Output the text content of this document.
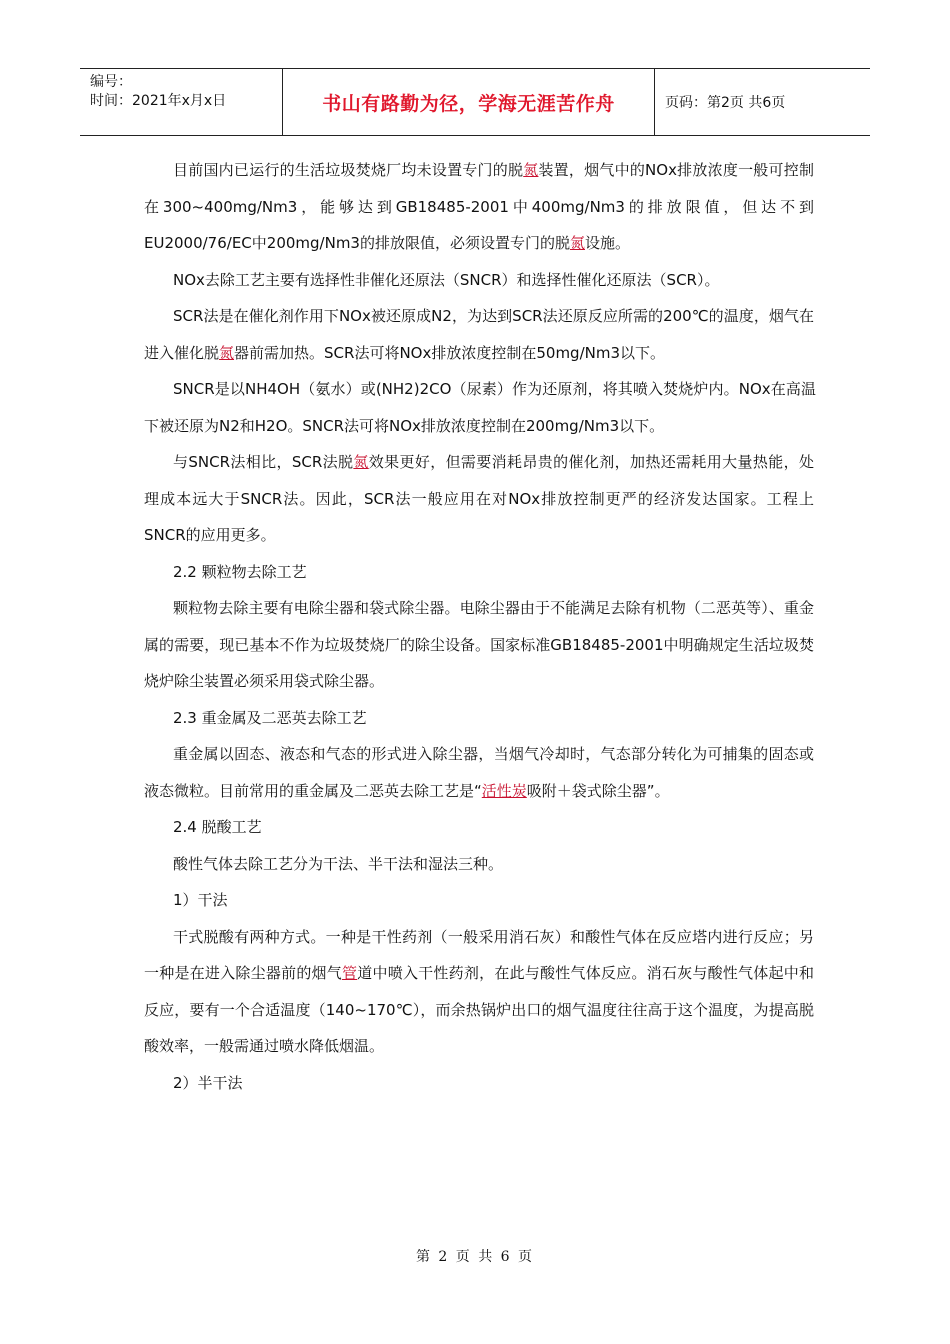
编号：
时间：2021年x月x日	书山有路勤为径，学海无涯苦作舟	页码：第2页 共6页

目前国内已运行的生活垃圾焚烧厂均未设置专门的脱氮装置，烟气中的NOx排放浓度一般可控制在300~400mg/Nm3，能够达到GB18485-2001中400mg/Nm3的排放限值，但达不到EU2000/76/EC中200mg/Nm3的排放限值，必须设置专门的脱氮设施。

NOx去除工艺主要有选择性非催化还原法（SNCR）和选择性催化还原法（SCR）。

SCR法是在催化剂作用下NOx被还原成N2，为达到SCR法还原反应所需的200℃的温度，烟气在进入催化脱氮器前需加热。SCR法可将NOx排放浓度控制在50mg/Nm3以下。

SNCR是以NH4OH（氨水）或(NH2)2CO（尿素）作为还原剂，将其喷入焚烧炉内。NOx在高温下被还原为N2和H2O。SNCR法可将NOx排放浓度控制在200mg/Nm3以下。

与SNCR法相比，SCR法脱氮效果更好，但需要消耗昂贵的催化剂，加热还需耗用大量热能，处理成本远大于SNCR法。因此，SCR法一般应用在对NOx排放控制更严的经济发达国家。工程上SNCR的应用更多。

2.2 颗粒物去除工艺

颗粒物去除主要有电除尘器和袋式除尘器。电除尘器由于不能满足去除有机物（二恶英等）、重金属的需要，现已基本不作为垃圾焚烧厂的除尘设备。国家标准GB18485-2001中明确规定生活垃圾焚烧炉除尘装置必须采用袋式除尘器。

2.3 重金属及二恶英去除工艺

重金属以固态、液态和气态的形式进入除尘器，当烟气冷却时，气态部分转化为可捕集的固态或液态微粒。目前常用的重金属及二恶英去除工艺是“活性炭吸附＋袋式除尘器”。

2.4 脱酸工艺

酸性气体去除工艺分为干法、半干法和湿法三种。

1）干法

干式脱酸有两种方式。一种是干性药剂（一般采用消石灰）和酸性气体在反应塔内进行反应；另一种是在进入除尘器前的烟气管道中喷入干性药剂，在此与酸性气体反应。消石灰与酸性气体起中和反应，要有一个合适温度（140~170℃），而余热锅炉出口的烟气温度往往高于这个温度，为提高脱酸效率，一般需通过喷水降低烟温。

2）半干法

第 2 页 共 6 页
